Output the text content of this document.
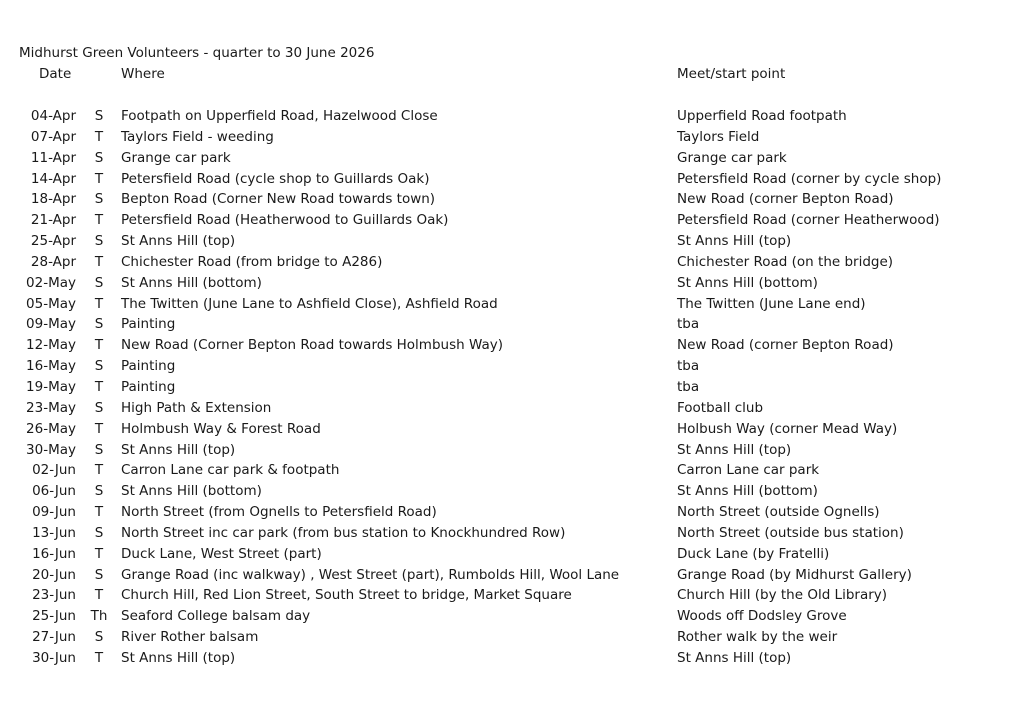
Midhurst Green Volunteers - quarter to 30 June 2026
Date	Where	Meet/start point
04-Apr	S	Footpath on Upperfield Road, Hazelwood Close	Upperfield Road footpath
07-Apr	T	Taylors Field - weeding	Taylors Field
11-Apr	S	Grange car park	Grange car park
14-Apr	T	Petersfield Road (cycle shop to Guillards Oak)	Petersfield Road (corner by cycle shop)
18-Apr	S	Bepton Road (Corner New Road towards town)	New Road (corner Bepton Road)
21-Apr	T	Petersfield Road (Heatherwood to Guillards Oak)	Petersfield Road (corner Heatherwood)
25-Apr	S	St Anns Hill (top)	St Anns Hill (top)
28-Apr	T	Chichester Road (from bridge to A286)	Chichester Road (on the bridge)
02-May	S	St Anns Hill (bottom)	St Anns Hill (bottom)
05-May	T	The Twitten (June Lane to Ashfield Close), Ashfield Road	The Twitten (June Lane end)
09-May	S	Painting	tba
12-May	T	New Road (Corner Bepton Road towards Holmbush Way)	New Road (corner Bepton Road)
16-May	S	Painting	tba
19-May	T	Painting	tba
23-May	S	High Path & Extension	Football club
26-May	T	Holmbush Way & Forest Road	Holbush Way (corner Mead Way)
30-May	S	St Anns Hill (top)	St Anns Hill (top)
02-Jun	T	Carron Lane car park & footpath	Carron Lane car park
06-Jun	S	St Anns Hill (bottom)	St Anns Hill (bottom)
09-Jun	T	North Street (from Ognells to Petersfield Road)	North Street (outside Ognells)
13-Jun	S	North Street inc car park (from bus station to Knockhundred Row)	North Street (outside bus station)
16-Jun	T	Duck Lane, West Street (part)	Duck Lane (by Fratelli)
20-Jun	S	Grange Road (inc walkway) , West Street (part), Rumbolds Hill, Wool Lane	Grange Road (by Midhurst Gallery)
23-Jun	T	Church Hill, Red Lion Street, South Street to bridge, Market Square	Church Hill (by the Old Library)
25-Jun	Th	Seaford College balsam day	Woods off Dodsley Grove
27-Jun	S	River Rother balsam	Rother walk by the weir
30-Jun	T	St Anns Hill (top)	St Anns Hill (top)
